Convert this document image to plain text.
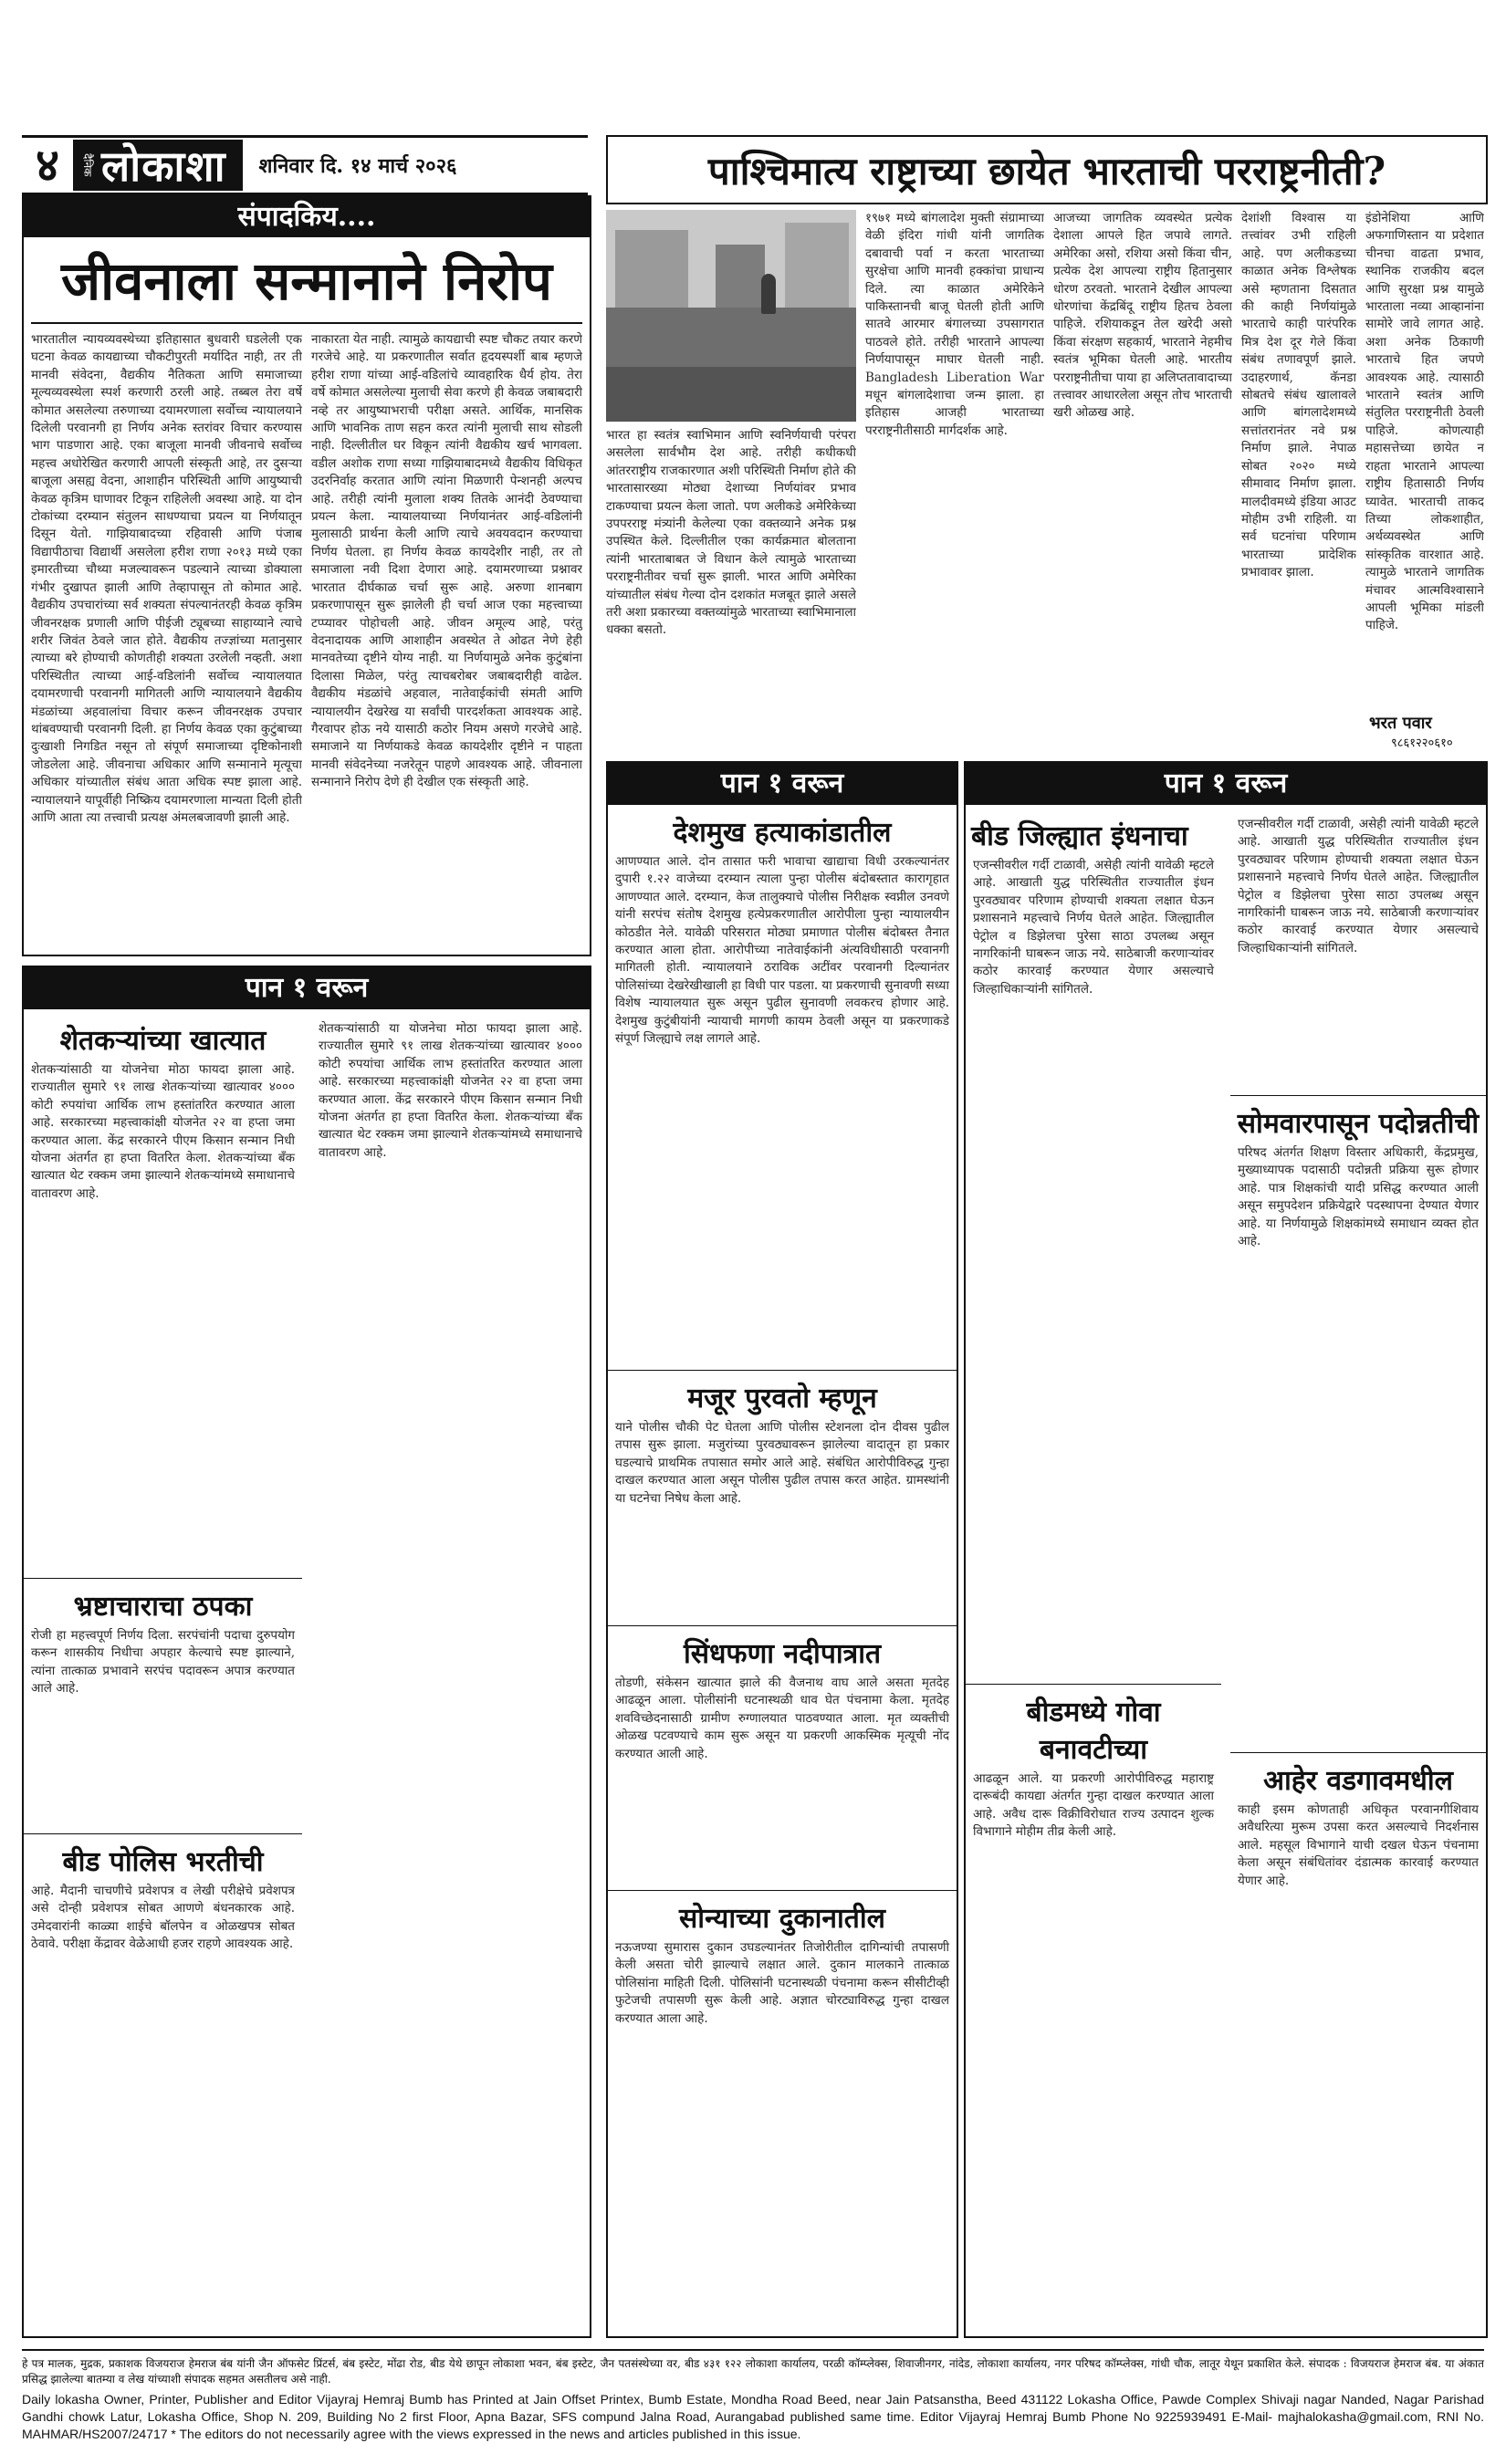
४	दैनिक लोकाशा शनिवार दि. १४ मार्च २०२६
संपादकिय....
जीवनाला सन्मानाने निरोप
भारतातील न्यायव्यवस्थेच्या इतिहासात बुधवारी घडलेली एक घटना केवळ कायद्याच्या चौकटीपुरती मर्यादित नाही, तर ती मानवी संवेदना, वैद्यकीय नैतिकता आणि समाजाच्या मूल्यव्यवस्थेला स्पर्श करणारी ठरली आहे. तब्बल तेरा वर्षे कोमात असलेल्या तरुणाच्या दयामरणाला सर्वोच्च न्यायालयाने दिलेली परवानगी हा निर्णय अनेक स्तरांवर विचार करण्यास भाग पाडणारा आहे. एका बाजूला मानवी जीवनाचे सर्वोच्च महत्त्व अधोरेखित करणारी आपली संस्कृती आहे, तर दुसऱ्या बाजूला असह्य वेदना, आशाहीन परिस्थिती आणि आयुष्याची केवळ कृत्रिम घाणावर टिकून राहिलेली अवस्था आहे. या दोन टोकांच्या दरम्यान संतुलन साधण्याचा प्रयत्न या निर्णयातून दिसून येतो. गाझियाबादच्या रहिवासी आणि पंजाब विद्यापीठाचा विद्यार्थी असलेला हरीश राणा २०१३ मध्ये एका इमारतीच्या चौथ्या मजल्यावरून पडल्याने त्याच्या डोक्याला गंभीर दुखापत झाली आणि तेव्हापासून तो कोमात आहे. वैद्यकीय उपचारांच्या सर्व शक्यता संपल्यानंतरही केवळ कृत्रिम जीवनरक्षक प्रणाली आणि पीईजी ट्यूबच्या साहाय्याने त्याचे शरीर जिवंत ठेवले जात होते. वैद्यकीय तज्ज्ञांच्या मतानुसार त्याच्या बरे होण्याची कोणतीही शक्यता उरलेली नव्हती. अशा परिस्थितीत त्याच्या आई-वडिलांनी सर्वोच्च न्यायालयात दयामरणाची परवानगी मागितली आणि न्यायालयाने वैद्यकीय मंडळांच्या अहवालांचा विचार करून जीवनरक्षक उपचार थांबवण्याची परवानगी दिली. हा निर्णय केवळ एका कुटुंबाच्या दुःखाशी निगडित नसून तो संपूर्ण समाजाच्या दृष्टिकोनाशी जोडलेला आहे. जीवनाचा अधिकार आणि सन्मानाने मृत्यूचा अधिकार यांच्यातील संबंध आता अधिक स्पष्ट झाला आहे. न्यायालयाने यापूर्वीही निष्क्रिय दयामरणाला मान्यता दिली होती आणि आता त्या तत्त्वाची प्रत्यक्ष अंमलबजावणी झाली आहे.
नाकारता येत नाही. त्यामुळे कायद्याची स्पष्ट चौकट तयार करणे गरजेचे आहे. या प्रकरणातील सर्वात हृदयस्पर्शी बाब म्हणजे हरीश राणा यांच्या आई-वडिलांचे व्यावहारिक धैर्य होय. तेरा वर्षे कोमात असलेल्या मुलाची सेवा करणे ही केवळ जबाबदारी नव्हे तर आयुष्याभराची परीक्षा असते. आर्थिक, मानसिक आणि भावनिक ताण सहन करत त्यांनी मुलाची साथ सोडली नाही. दिल्लीतील घर विकून त्यांनी वैद्यकीय खर्च भागवला. वडील अशोक राणा सध्या गाझियाबादमध्ये वैद्यकीय विधिकृत उदरनिर्वाह करतात आणि त्यांना मिळणारी पेन्शनही अल्पच आहे. तरीही त्यांनी मुलाला शक्य तितके आनंदी ठेवण्याचा प्रयत्न केला. न्यायालयाच्या निर्णयानंतर आई-वडिलांनी मुलासाठी प्रार्थना केली आणि त्याचे अवयवदान करण्याचा निर्णय घेतला. हा निर्णय केवळ कायदेशीर नाही, तर तो समाजाला नवी दिशा देणारा आहे. दयामरणाच्या प्रश्नावर भारतात दीर्घकाळ चर्चा सुरू आहे. अरुणा शानबाग प्रकरणापासून सुरू झालेली ही चर्चा आज एका महत्त्वाच्या टप्प्यावर पोहोचली आहे. जीवन अमूल्य आहे, परंतु वेदनादायक आणि आशाहीन अवस्थेत ते ओढत नेणे हेही मानवतेच्या दृष्टीने योग्य नाही. या निर्णयामुळे अनेक कुटुंबांना दिलासा मिळेल, परंतु त्याचबरोबर जबाबदारीही वाढेल. वैद्यकीय मंडळांचे अहवाल, नातेवाईकांची संमती आणि न्यायालयीन देखरेख या सर्वांची पारदर्शकता आवश्यक आहे. गैरवापर होऊ नये यासाठी कठोर नियम असणे गरजेचे आहे. समाजाने या निर्णयाकडे केवळ कायदेशीर दृष्टीने न पाहता मानवी संवेदनेच्या नजरेतून पाहणे आवश्यक आहे. जीवनाला सन्मानाने निरोप देणे ही देखील एक संस्कृती आहे.
पाश्चिमात्य राष्ट्राच्या छायेत भारताची परराष्ट्रनीती?
भारत हा स्वतंत्र स्वाभिमान आणि स्वनिर्णयाची परंपरा असलेला सार्वभौम देश आहे. तरीही कधीकधी आंतरराष्ट्रीय राजकारणात अशी परिस्थिती निर्माण होते की भारतासारख्या मोठ्या देशाच्या निर्णयांवर प्रभाव टाकण्याचा प्रयत्न केला जातो. पण अलीकडे अमेरिकेच्या उपपरराष्ट्र मंत्र्यांनी केलेल्या एका वक्तव्याने अनेक प्रश्न उपस्थित केले. दिल्लीतील एका कार्यक्रमात बोलताना त्यांनी भारताबाबत जे विधान केले त्यामुळे भारताच्या परराष्ट्रनीतीवर चर्चा सुरू झाली. भारत आणि अमेरिका यांच्यातील संबंध गेल्या दोन दशकांत मजबूत झाले असले तरी अशा प्रकारच्या वक्तव्यांमुळे भारताच्या स्वाभिमानाला धक्का बसतो.
१९७१ मध्ये बांगलादेश मुक्ती संग्रामाच्या वेळी इंदिरा गांधी यांनी जागतिक दबावाची पर्वा न करता भारताच्या सुरक्षेचा आणि मानवी हक्कांचा प्राधान्य दिले. त्या काळात अमेरिकेने पाकिस्तानची बाजू घेतली होती आणि सातवे आरमार बंगालच्या उपसागरात पाठवले होते. तरीही भारताने आपल्या निर्णयापासून माघार घेतली नाही. Bangladesh Liberation War मधून बांगलादेशाचा जन्म झाला. हा इतिहास आजही भारताच्या परराष्ट्रनीतीसाठी मार्गदर्शक आहे.
आजच्या जागतिक व्यवस्थेत प्रत्येक देशाला आपले हित जपावे लागते. अमेरिका असो, रशिया असो किंवा चीन, प्रत्येक देश आपल्या राष्ट्रीय हितानुसार धोरण ठरवतो. भारताने देखील आपल्या धोरणांचा केंद्रबिंदू राष्ट्रीय हितच ठेवला पाहिजे. रशियाकडून तेल खरेदी असो किंवा संरक्षण सहकार्य, भारताने नेहमीच स्वतंत्र भूमिका घेतली आहे. भारतीय परराष्ट्रनीतीचा पाया हा अलिप्ततावादाच्या तत्त्वावर आधारलेला असून तोच भारताची खरी ओळख आहे.
देशांशी विश्वास या तत्त्वांवर उभी राहिली आहे. पण अलीकडच्या काळात अनेक विश्लेषक असे म्हणताना दिसतात की काही निर्णयांमुळे भारताचे काही पारंपरिक मित्र देश दूर गेले किंवा संबंध तणावपूर्ण झाले. उदाहरणार्थ, कॅनडा सोबतचे संबंध खालावले आणि बांगलादेशमध्ये सत्तांतरानंतर नवे प्रश्न निर्माण झाले. नेपाळ सोबत २०२० मध्ये सीमावाद निर्माण झाला. मालदीवमध्ये इंडिया आउट मोहीम उभी राहिली. या सर्व घटनांचा परिणाम भारताच्या प्रादेशिक प्रभावावर झाला.
इंडोनेशिया आणि अफगाणिस्तान या प्रदेशात चीनचा वाढता प्रभाव, स्थानिक राजकीय बदल आणि सुरक्षा प्रश्न यामुळे भारताला नव्या आव्हानांना सामोरे जावे लागत आहे. अशा अनेक ठिकाणी भारताचे हित जपणे आवश्यक आहे. त्यासाठी भारताने स्वतंत्र आणि संतुलित परराष्ट्रनीती ठेवली पाहिजे. कोणत्याही महासत्तेच्या छायेत न राहता भारताने आपल्या राष्ट्रीय हितासाठी निर्णय घ्यावेत. भारताची ताकद तिच्या लोकशाहीत, अर्थव्यवस्थेत आणि सांस्कृतिक वारशात आहे. त्यामुळे भारताने जागतिक मंचावर आत्मविश्वासाने आपली भूमिका मांडली पाहिजे.
भरत पवार
९८६१२२०६१०
पान १ वरून
देशमुख हत्याकांडातील
आणण्यात आले. दोन तासात फरी भावाचा खाद्याचा विधी उरकल्यानंतर दुपारी १.२२ वाजेच्या दरम्यान त्याला पुन्हा पोलीस बंदोबस्तात कारागृहात आणण्यात आले. दरम्यान, केज तालुक्याचे पोलीस निरीक्षक स्वप्नील उनवणे यांनी सरपंच संतोष देशमुख हत्येप्रकरणातील आरोपीला पुन्हा न्यायालयीन कोठडीत नेले. यावेळी परिसरात मोठ्या प्रमाणात पोलीस बंदोबस्त तैनात करण्यात आला होता. आरोपीच्या नातेवाईकांनी अंत्यविधीसाठी परवानगी मागितली होती. न्यायालयाने ठराविक अटींवर परवानगी दिल्यानंतर पोलिसांच्या देखरेखीखाली हा विधी पार पडला. या प्रकरणाची सुनावणी सध्या विशेष न्यायालयात सुरू असून पुढील सुनावणी लवकरच होणार आहे. देशमुख कुटुंबीयांनी न्यायाची मागणी कायम ठेवली असून या प्रकरणाकडे संपूर्ण जिल्ह्याचे लक्ष लागले आहे.
मजूर पुरवतो म्हणून
याने पोलीस चौकी पेट घेतला आणि पोलीस स्टेशनला दोन दीवस पुढील तपास सुरू झाला. मजुरांच्या पुरवठ्यावरून झालेल्या वादातून हा प्रकार घडल्याचे प्राथमिक तपासात समोर आले आहे. संबंधित आरोपीविरुद्ध गुन्हा दाखल करण्यात आला असून पोलीस पुढील तपास करत आहेत. ग्रामस्थांनी या घटनेचा निषेध केला आहे.
सिंधफणा नदीपात्रात
तोडणी, संकेसन खात्यात झाले की वैजनाथ वाघ आले असता मृतदेह आढळून आला. पोलीसांनी घटनास्थळी धाव घेत पंचनामा केला. मृतदेह शवविच्छेदनासाठी ग्रामीण रुग्णालयात पाठवण्यात आला. मृत व्यक्तीची ओळख पटवण्याचे काम सुरू असून या प्रकरणी आकस्मिक मृत्यूची नोंद करण्यात आली आहे.
सोन्याच्या दुकानातील
नऊजण्या सुमारास दुकान उघडल्यानंतर तिजोरीतील दागिन्यांची तपासणी केली असता चोरी झाल्याचे लक्षात आले. दुकान मालकाने तात्काळ पोलिसांना माहिती दिली. पोलिसांनी घटनास्थळी पंचनामा करून सीसीटीव्ही फुटेजची तपासणी सुरू केली आहे. अज्ञात चोरट्याविरुद्ध गुन्हा दाखल करण्यात आला आहे.
पान १ वरून
शेतकऱ्यांच्या खात्यात
शेतकऱ्यांसाठी या योजनेचा मोठा फायदा झाला आहे. राज्यातील सुमारे ९१ लाख शेतकऱ्यांच्या खात्यावर ४००० कोटी रुपयांचा आर्थिक लाभ हस्तांतरित करण्यात आला आहे. सरकारच्या महत्त्वाकांक्षी योजनेत २२ वा हप्ता जमा करण्यात आला. केंद्र सरकारने पीएम किसान सन्मान निधी योजना अंतर्गत हा हप्ता वितरित केला. शेतकऱ्यांच्या बँक खात्यात थेट रक्कम जमा झाल्याने शेतकऱ्यांमध्ये समाधानाचे वातावरण आहे.
भ्रष्टाचाराचा ठपका
रोजी हा महत्त्वपूर्ण निर्णय दिला. सरपंचांनी पदाचा दुरुपयोग करून शासकीय निधीचा अपहार केल्याचे स्पष्ट झाल्याने, त्यांना तात्काळ प्रभावाने सरपंच पदावरून अपात्र करण्यात आले आहे.
बीड पोलिस भरतीची
आहे. मैदानी चाचणीचे प्रवेशपत्र व लेखी परीक्षेचे प्रवेशपत्र असे दोन्ही प्रवेशपत्र सोबत आणणे बंधनकारक आहे. उमेदवारांनी काळ्या शाईचे बॉलपेन व ओळखपत्र सोबत ठेवावे. परीक्षा केंद्रावर वेळेआधी हजर राहणे आवश्यक आहे.
शेतकऱ्यांसाठी या योजनेचा मोठा फायदा झाला आहे. राज्यातील सुमारे ९१ लाख शेतकऱ्यांच्या खात्यावर ४००० कोटी रुपयांचा आर्थिक लाभ हस्तांतरित करण्यात आला आहे. सरकारच्या महत्त्वाकांक्षी योजनेत २२ वा हप्ता जमा करण्यात आला. केंद्र सरकारने पीएम किसान सन्मान निधी योजना अंतर्गत हा हप्ता वितरित केला. शेतकऱ्यांच्या बँक खात्यात थेट रक्कम जमा झाल्याने शेतकऱ्यांमध्ये समाधानाचे वातावरण आहे.
पान १ वरून
बीड जिल्ह्यात इंधनाचा
एजन्सीवरील गर्दी टाळावी, असेही त्यांनी यावेळी म्हटले आहे. आखाती युद्ध परिस्थितीत राज्यातील इंधन पुरवठ्यावर परिणाम होण्याची शक्यता लक्षात घेऊन प्रशासनाने महत्त्वाचे निर्णय घेतले आहेत. जिल्ह्यातील पेट्रोल व डिझेलचा पुरेसा साठा उपलब्ध असून नागरिकांनी घाबरून जाऊ नये. साठेबाजी करणाऱ्यांवर कठोर कारवाई करण्यात येणार असल्याचे जिल्हाधिकाऱ्यांनी सांगितले.
बीडमध्ये गोवा बनावटीच्या
आढळून आले. या प्रकरणी आरोपीविरुद्ध महाराष्ट्र दारूबंदी कायद्या अंतर्गत गुन्हा दाखल करण्यात आला आहे. अवैध दारू विक्रीविरोधात राज्य उत्पादन शुल्क विभागाने मोहीम तीव्र केली आहे.
एजन्सीवरील गर्दी टाळावी, असेही त्यांनी यावेळी म्हटले आहे. आखाती युद्ध परिस्थितीत राज्यातील इंधन पुरवठ्यावर परिणाम होण्याची शक्यता लक्षात घेऊन प्रशासनाने महत्त्वाचे निर्णय घेतले आहेत. जिल्ह्यातील पेट्रोल व डिझेलचा पुरेसा साठा उपलब्ध असून नागरिकांनी घाबरून जाऊ नये. साठेबाजी करणाऱ्यांवर कठोर कारवाई करण्यात येणार असल्याचे जिल्हाधिकाऱ्यांनी सांगितले.
सोमवारपासून पदोन्नतीची
परिषद अंतर्गत शिक्षण विस्तार अधिकारी, केंद्रप्रमुख, मुख्याध्यापक पदासाठी पदोन्नती प्रक्रिया सुरू होणार आहे. पात्र शिक्षकांची यादी प्रसिद्ध करण्यात आली असून समुपदेशन प्रक्रियेद्वारे पदस्थापना देण्यात येणार आहे. या निर्णयामुळे शिक्षकांमध्ये समाधान व्यक्त होत आहे.
आहेर वडगावमधील
काही इसम कोणताही अधिकृत परवानगीशिवाय अवैधरित्या मुरूम उपसा करत असल्याचे निदर्शनास आले. महसूल विभागाने याची दखल घेऊन पंचनामा केला असून संबंधितांवर दंडात्मक कारवाई करण्यात येणार आहे.
हे पत्र मालक, मुद्रक, प्रकाशक विजयराज हेमराज बंब यांनी जैन ऑफसेट प्रिंटर्स, बंब इस्टेट, मोंढा रोड, बीड येथे छापून लोकाशा भवन, बंब इस्टेट, जैन पतसंस्थेच्या वर, बीड ४३१ १२२ लोकाशा कार्यालय, परळी कॉम्प्लेक्स, शिवाजीनगर, नांदेड, लोकाशा कार्यालय, नगर परिषद कॉम्प्लेक्स, गांधी चौक, लातूर येथून प्रकाशित केले. संपादक : विजयराज हेमराज बंब. या अंकात प्रसिद्ध झालेल्या बातम्या व लेख यांच्याशी संपादक सहमत असतीलच असे नाही.
Daily lokasha Owner, Printer, Publisher and Editor Vijayraj Hemraj Bumb has Printed at Jain Offset Printex, Bumb Estate, Mondha Road Beed, near Jain Patsanstha, Beed 431122 Lokasha Office, Pawde Complex Shivaji nagar Nanded, Nagar Parishad Gandhi chowk Latur, Lokasha Office, Shop N. 209, Building No 2 first Floor, Apna Bazar, SFS compund Jalna Road, Aurangabad published same time. Editor Vijayraj Hemraj Bumb Phone No 9225939491 E-Mail- majhalokasha@gmail.com, RNI No. MAHMAR/HS2007/24717 * The editors do not necessarily agree with the views expressed in the news and articles published in this issue.
